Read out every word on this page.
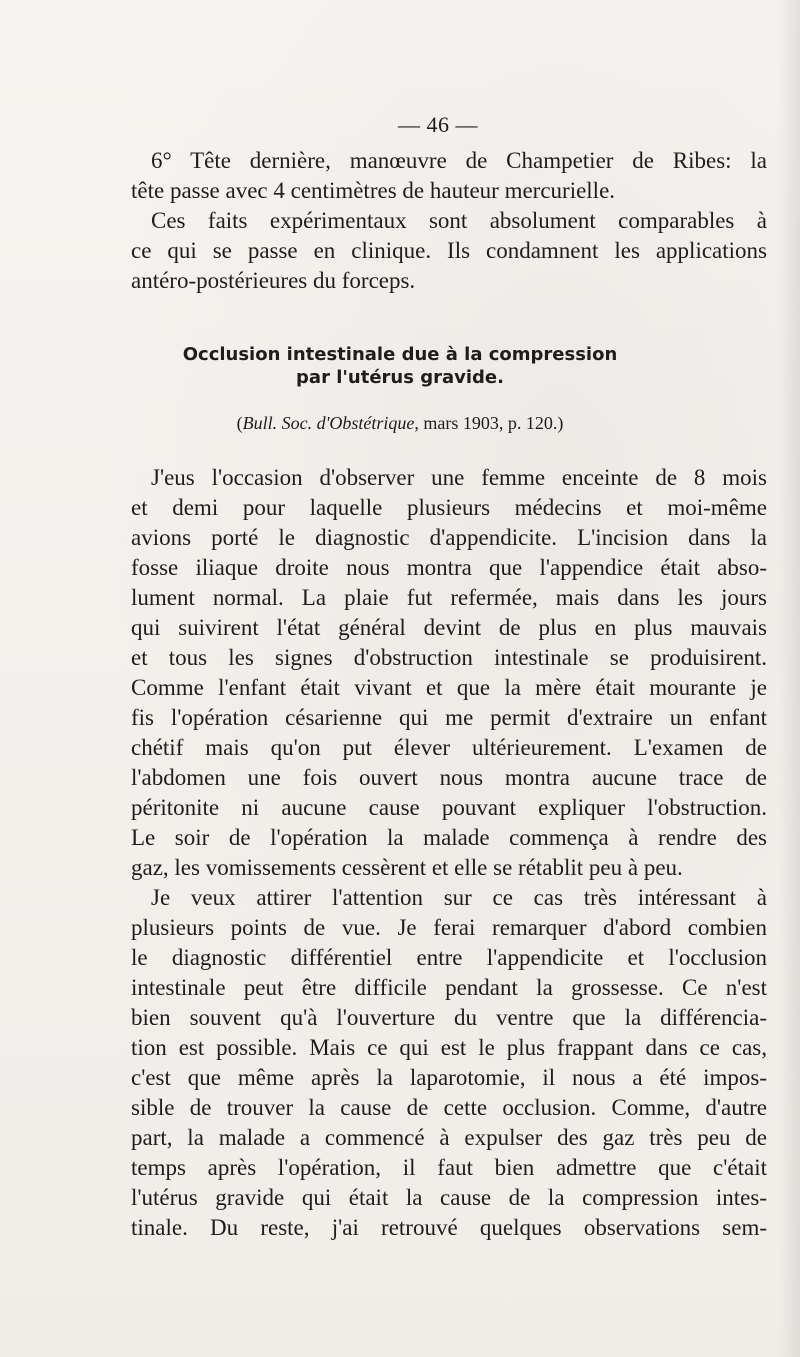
— 46 —
6° Tête dernière, manœuvre de Champetier de Ribes: la
tête passe avec 4 centimètres de hauteur mercurielle.
Ces faits expérimentaux sont absolument comparables à
ce qui se passe en clinique. Ils condamnent les applications
antéro-postérieures du forceps.
Occlusion intestinale due à la compression
par l'utérus gravide.
(Bull. Soc. d'Obstétrique, mars 1903, p. 120.)
J'eus l'occasion d'observer une femme enceinte de 8 mois
et demi pour laquelle plusieurs médecins et moi-même
avions porté le diagnostic d'appendicite. L'incision dans la
fosse iliaque droite nous montra que l'appendice était abso-
lument normal. La plaie fut refermée, mais dans les jours
qui suivirent l'état général devint de plus en plus mauvais
et tous les signes d'obstruction intestinale se produisirent.
Comme l'enfant était vivant et que la mère était mourante je
fis l'opération césarienne qui me permit d'extraire un enfant
chétif mais qu'on put élever ultérieurement. L'examen de
l'abdomen une fois ouvert nous montra aucune trace de
péritonite ni aucune cause pouvant expliquer l'obstruction.
Le soir de l'opération la malade commença à rendre des
gaz, les vomissements cessèrent et elle se rétablit peu à peu.
Je veux attirer l'attention sur ce cas très intéressant à
plusieurs points de vue. Je ferai remarquer d'abord combien
le diagnostic différentiel entre l'appendicite et l'occlusion
intestinale peut être difficile pendant la grossesse. Ce n'est
bien souvent qu'à l'ouverture du ventre que la différencia-
tion est possible. Mais ce qui est le plus frappant dans ce cas,
c'est que même après la laparotomie, il nous a été impos-
sible de trouver la cause de cette occlusion. Comme, d'autre
part, la malade a commencé à expulser des gaz très peu de
temps après l'opération, il faut bien admettre que c'était
l'utérus gravide qui était la cause de la compression intes-
tinale. Du reste, j'ai retrouvé quelques observations sem-
